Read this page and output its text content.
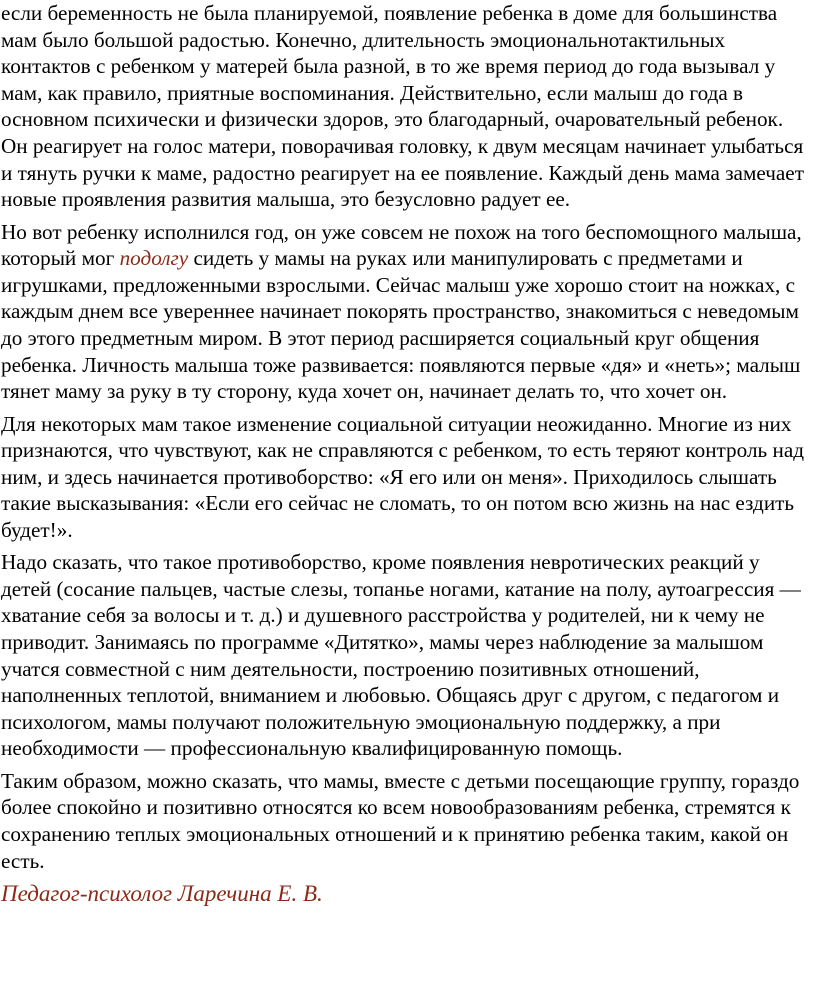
если беременность не была планируемой, появление ребенка в доме для большинства мам было большой радостью. Конечно, длительность эмоциональнотактильных контактов с ребенком у матерей была разной, в то же время период до года вызывал у мам, как правило, приятные воспоминания. Действительно, если малыш до года в основном психически и физически здоров, это благодарный, очаровательный ребенок. Он реагирует на голос матери, поворачивая головку, к двум месяцам начинает улыбаться и тянуть ручки к маме, радостно реагирует на ее появление. Каждый день мама замечает новые проявления развития малыша, это безусловно радует ее.

Но вот ребенку исполнился год, он уже совсем не похож на того беспомощного малыша, который мог подолгу сидеть у мамы на руках или манипулировать с предметами и игрушками, предложенными взрослыми. Сейчас малыш уже хорошо стоит на ножках, с каждым днем все увереннее начинает покорять пространство, знакомиться с неведомым до этого предметным миром. В этот период расширяется социальный круг общения ребенка. Личность малыша тоже развивается: появляются первые «дя» и «неть»; малыш тянет маму за руку в ту сторону, куда хочет он, начинает делать то, что хочет он.

Для некоторых мам такое изменение социальной ситуации неожиданно. Многие из них признаются, что чувствуют, как не справляются с ребенком, то есть теряют контроль над ним, и здесь начинается противоборство: «Я его или он меня». Приходилось слышать такие высказывания: «Если его сейчас не сломать, то он потом всю жизнь на нас ездить будет!».

Надо сказать, что такое противоборство, кроме появления невротических реакций у детей (сосание пальцев, частые слезы, топанье ногами, катание на полу, аутоагрессия — хватание себя за волосы и т. д.) и душевного расстройства у родителей, ни к чему не приводит. Занимаясь по программе «Дитятко», мамы через наблюдение за малышом учатся совместной с ним деятельности, построению позитивных отношений, наполненных теплотой, вниманием и любовью. Общаясь друг с другом, с педагогом и психологом, мамы получают положительную эмоциональную поддержку, а при необходимости — профессиональную квалифицированную помощь.

Таким образом, можно сказать, что мамы, вместе с детьми посещающие группу, гораздо более спокойно и позитивно относятся ко всем новообразованиям ребенка, стремятся к сохранению теплых эмоциональных отношений и к принятию ребенка таким, какой он есть.

Педагог-психолог Ларечина Е. В.
